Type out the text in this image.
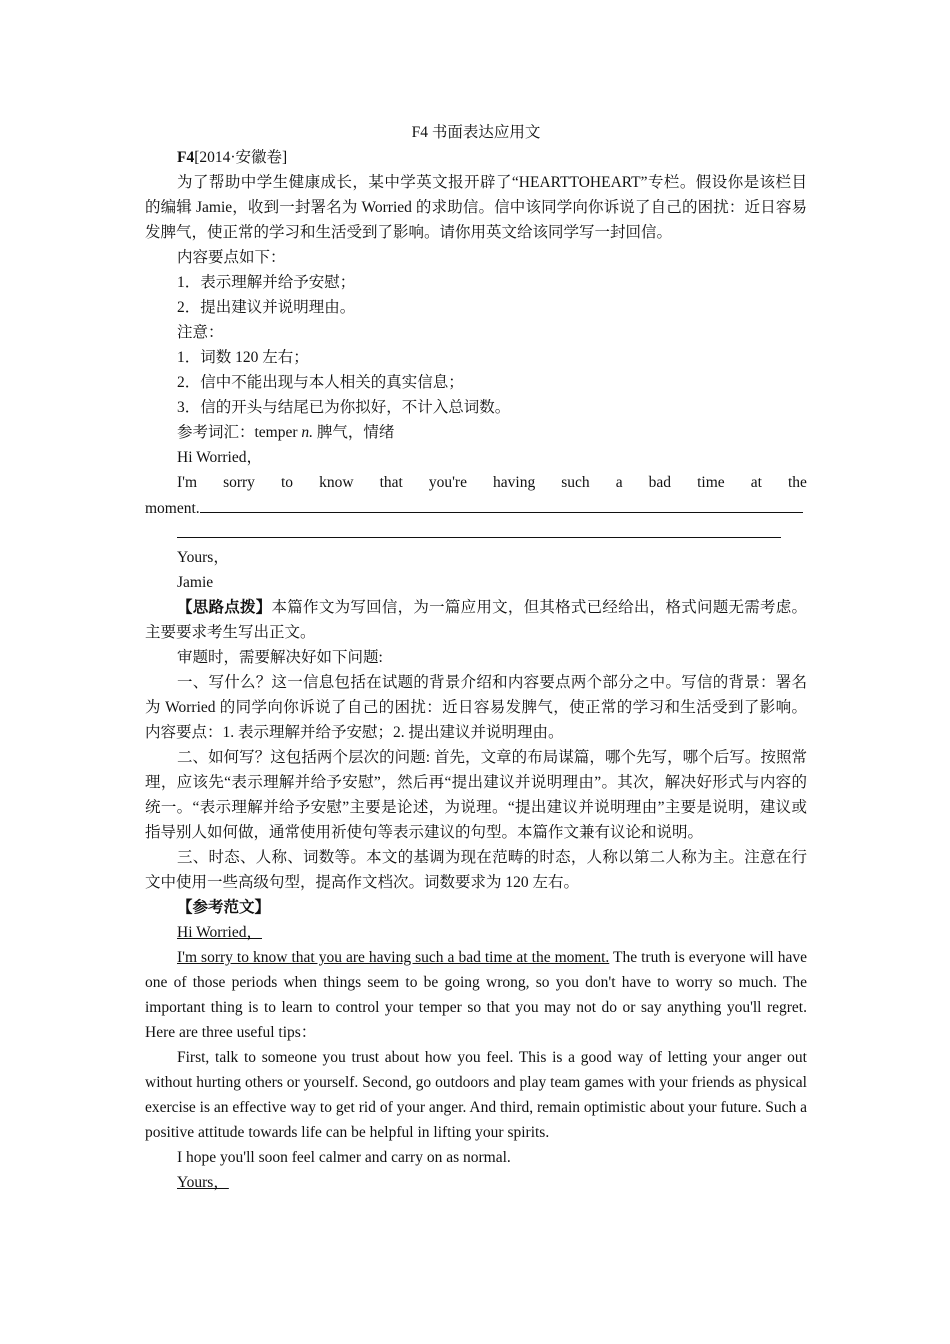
F4 书面表达应用文
F4[2014·安徽卷]

为了帮助中学生健康成长，某中学英文报开辟了“HEARTTOHEART”专栏。假设你是该栏目的编辑 Jamie，收到一封署名为 Worried 的求助信。信中该同学向你诉说了自己的困扰：近日容易发脾气，使正常的学习和生活受到了影响。请你用英文给该同学写一封回信。

内容要点如下：
1．表示理解并给予安慰；
2．提出建议并说明理由。
注意：
1．词数 120 左右；
2．信中不能出现与本人相关的真实信息；
3．信的开头与结尾已为你拟好，不计入总词数。
参考词汇：temper n. 脾气，情绪
Hi Worried，
I'm sorry to know that you're having such a bad time at the
moment.
Yours，
Jamie

【思路点拨】本篇作文为写回信，为一篇应用文，但其格式已经给出，格式问题无需考虑。主要要求考生写出正文。

审题时，需要解决好如下问题:

一、写什么？这一信息包括在试题的背景介绍和内容要点两个部分之中。写信的背景：署名为 Worried 的同学向你诉说了自己的困扰：近日容易发脾气，使正常的学习和生活受到了影响。内容要点：1. 表示理解并给予安慰；2. 提出建议并说明理由。

二、如何写？这包括两个层次的问题: 首先，文章的布局谋篇，哪个先写，哪个后写。按照常理，应该先“表示理解并给予安慰”，然后再“提出建议并说明理由”。其次，解决好形式与内容的统一。“表示理解并给予安慰”主要是论述，为说理。“提出建议并说明理由”主要是说明，建议或指导别人如何做，通常使用祈使句等表示建议的句型。本篇作文兼有议论和说明。

三、时态、人称、词数等。本文的基调为现在范畴的时态，人称以第二人称为主。注意在行文中使用一些高级句型，提高作文档次。词数要求为 120 左右。

【参考范文】
Hi Worried，

I'm sorry to know that you are having such a bad time at the moment. The truth is everyone will have one of those periods when things seem to be going wrong, so you don't have to worry so much. The important thing is to learn to control your temper so that you may not do or say anything you'll regret. Here are three useful tips：

First, talk to someone you trust about how you feel. This is a good way of letting your anger out without hurting others or yourself. Second, go outdoors and play team games with your friends as physical exercise is an effective way to get rid of your anger. And third, remain optimistic about your future. Such a positive attitude towards life can be helpful in lifting your spirits.

I hope you'll soon feel calmer and carry on as normal.

Yours，
